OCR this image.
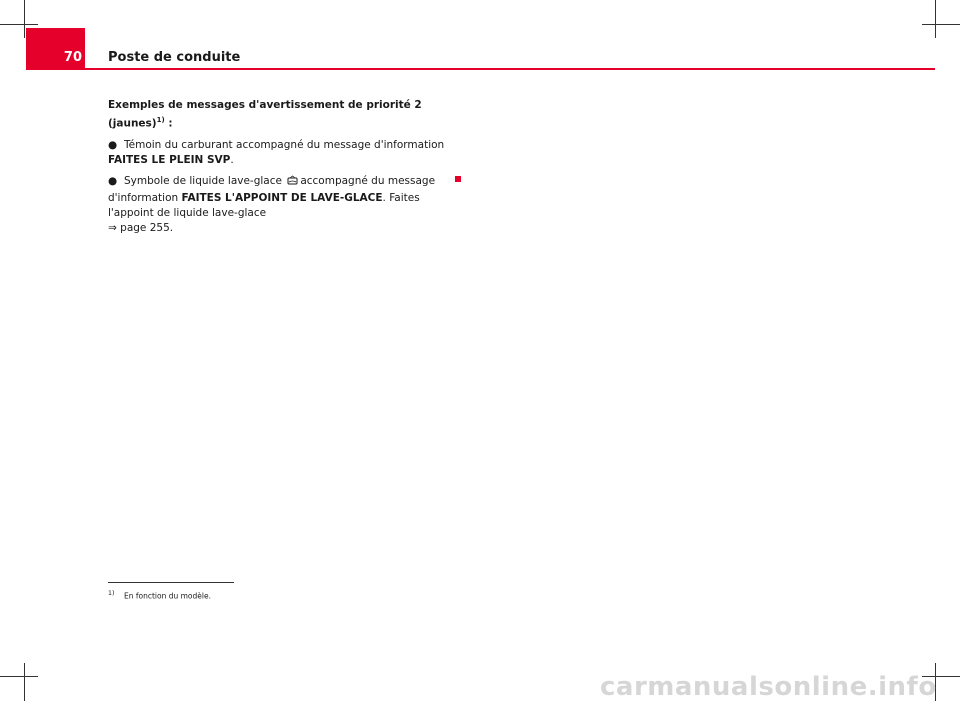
70 Poste de conduite

Exemples de messages d'avertissement de priorité 2 (jaunes)$^{1)}$ :

● Témoin du carburant accompagné du message d'information FAITES LE PLEIN SVP.

● Symbole de liquide lave-glace accompagné du message d'information FAITES L'APPOINT DE LAVE-GLACE. Faites l'appoint de liquide lave-glace
⇒ page 255.

$^{1)}$ En fonction du modèle.
carmanualsonline.info
